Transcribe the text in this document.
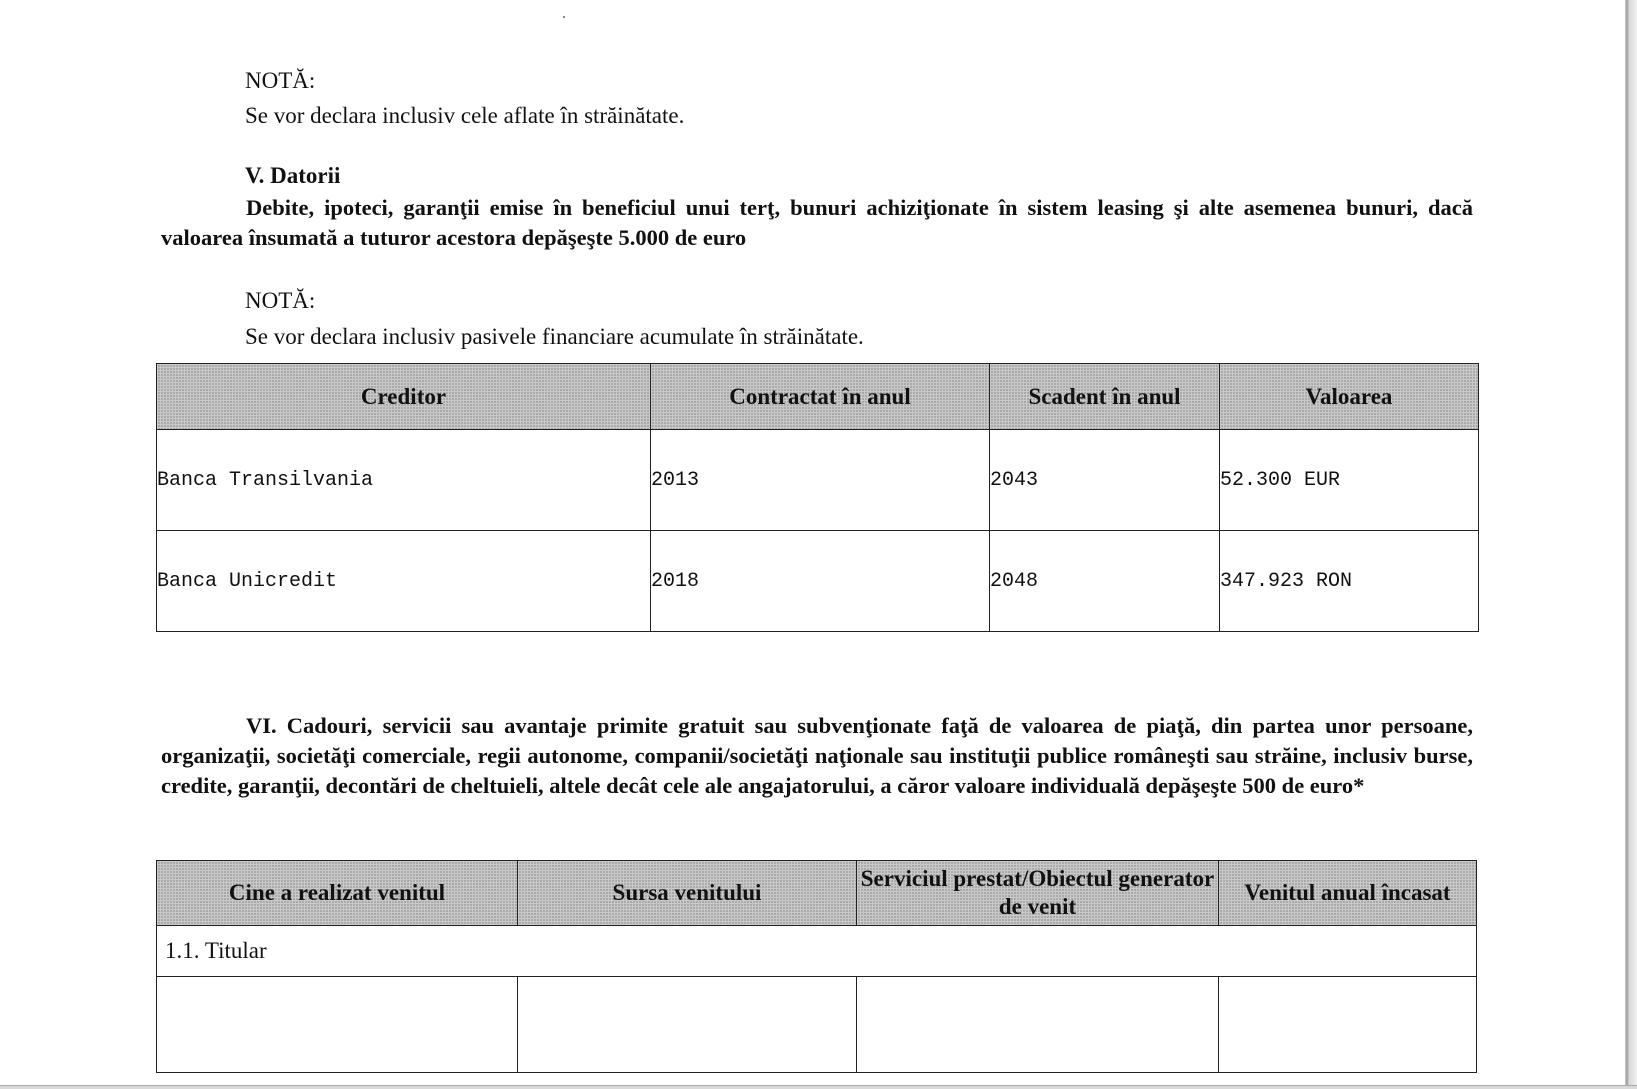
NOTĂ:
Se vor declara inclusiv cele aflate în străinătate.
V. Datorii
Debite, ipoteci, garanţii emise în beneficiul unui terţ, bunuri achiziţionate în sistem leasing şi alte asemenea bunuri, dacă valoarea însumată a tuturor acestora depăşeşte 5.000 de euro
NOTĂ:
Se vor declara inclusiv pasivele financiare acumulate în străinătate.
Creditor	Contractat în anul	Scadent în anul	Valoarea
Banca Transilvania	2013	2043	52.300 EUR
Banca Unicredit	2018	2048	347.923 RON
VI. Cadouri, servicii sau avantaje primite gratuit sau subvenţionate faţă de valoarea de piaţă, din partea unor persoane, organizaţii, societăţi comerciale, regii autonome, companii/societăţi naţionale sau instituţii publice româneşti sau străine, inclusiv burse, credite, garanţii, decontări de cheltuieli, altele decât cele ale angajatorului, a căror valoare individuală depăşeşte 500 de euro*
Cine a realizat venitul	Sursa venitului	Serviciul prestat/Obiectul generator de venit	Venitul anual încasat
1.1. Titular			
